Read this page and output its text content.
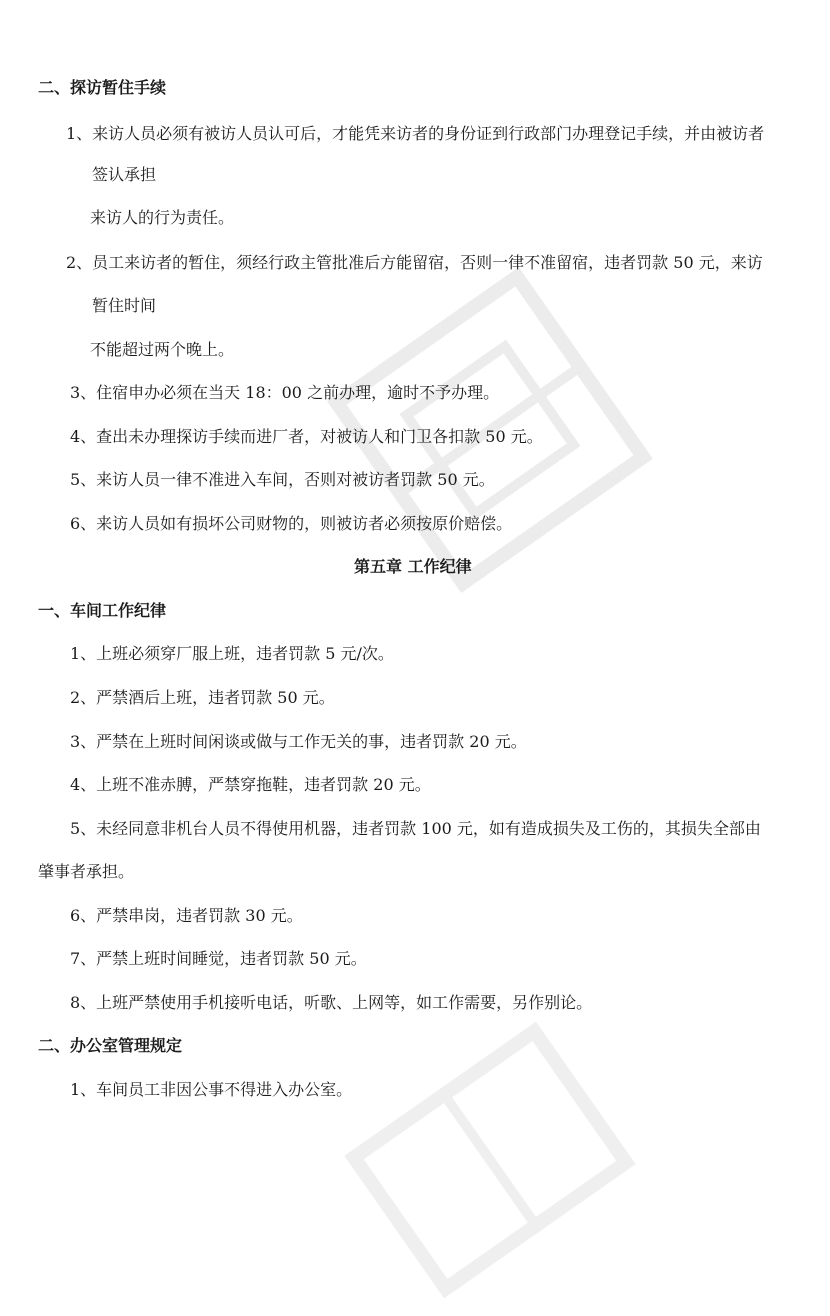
二、探访暂住手续
1、来访人员必须有被访人员认可后，才能凭来访者的身份证到行政部门办理登记手续，并由被访者
签认承担
来访人的行为责任。
2、员工来访者的暂住，须经行政主管批准后方能留宿，否则一律不准留宿，违者罚款 50 元，来访
暂住时间
不能超过两个晚上。
3、住宿申办必须在当天 18：00 之前办理，逾时不予办理。
4、查出未办理探访手续而进厂者，对被访人和门卫各扣款 50 元。
5、来访人员一律不准进入车间，否则对被访者罚款 50 元。
6、来访人员如有损坏公司财物的，则被访者必须按原价赔偿。
第五章 工作纪律
一、车间工作纪律
1、上班必须穿厂服上班，违者罚款 5 元/次。
2、严禁酒后上班，违者罚款 50 元。
3、严禁在上班时间闲谈或做与工作无关的事，违者罚款 20 元。
4、上班不准赤膊，严禁穿拖鞋，违者罚款 20 元。
5、未经同意非机台人员不得使用机器，违者罚款 100 元，如有造成损失及工伤的，其损失全部由
肇事者承担。
6、严禁串岗，违者罚款 30 元。
7、严禁上班时间睡觉，违者罚款 50 元。
8、上班严禁使用手机接听电话，听歌、上网等，如工作需要，另作别论。
二、办公室管理规定
1、车间员工非因公事不得进入办公室。
